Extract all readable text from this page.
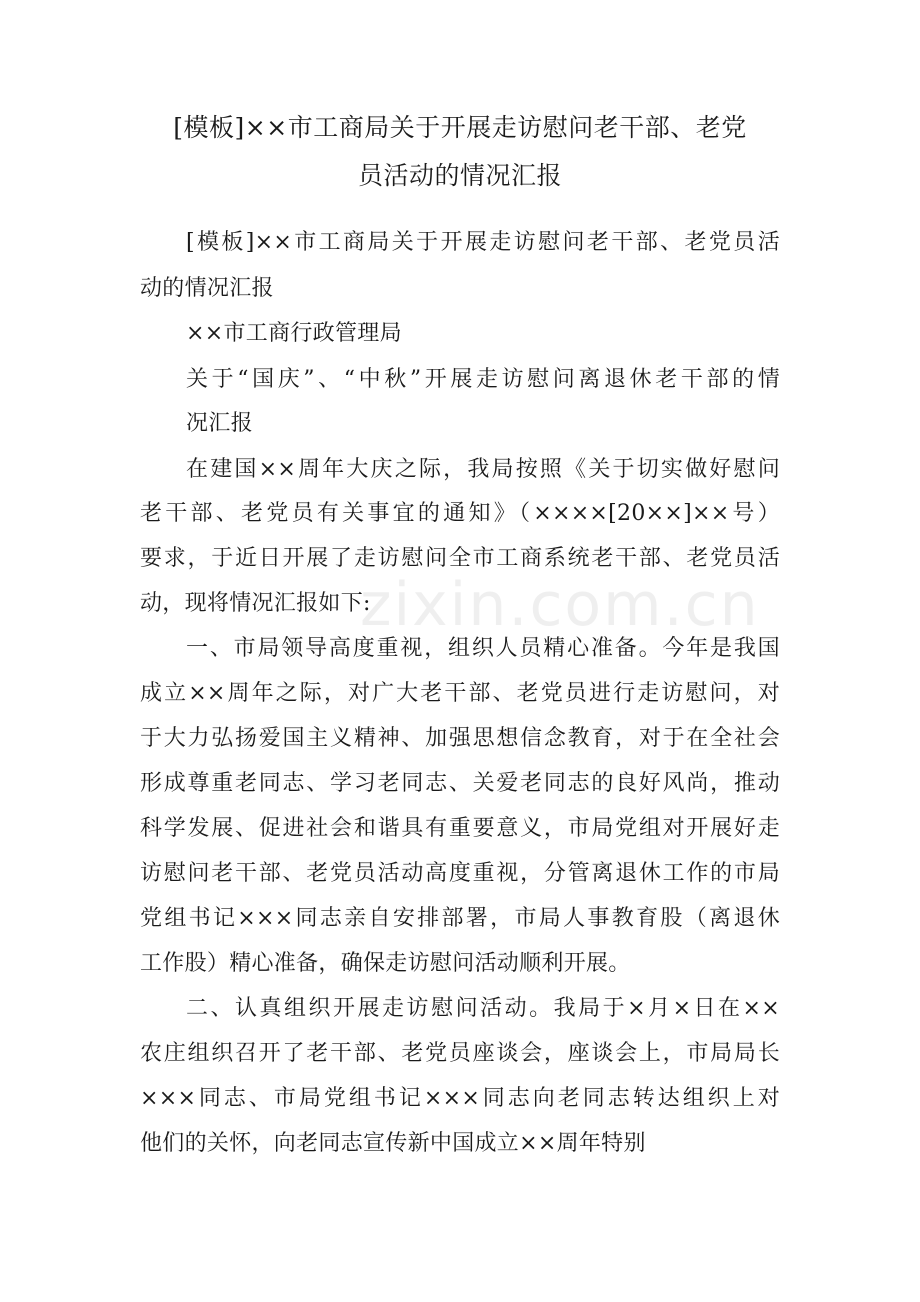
zixin.com.cn
[模板]××市工商局关于开展走访慰问老干部、老党
员活动的情况汇报
[模板]××市工商局关于开展走访慰问老干部、老党员活
动的情况汇报
××市工商行政管理局
关于“国庆”、“中秋”开展走访慰问离退休老干部的情
况汇报
在建国××周年大庆之际，我局按照《关于切实做好慰问
老干部、老党员有关事宜的通知》（××××[20××]××号）
要求，于近日开展了走访慰问全市工商系统老干部、老党员活
动，现将情况汇报如下:
一、市局领导高度重视，组织人员精心准备。今年是我国
成立××周年之际，对广大老干部、老党员进行走访慰问，对
于大力弘扬爱国主义精神、加强思想信念教育，对于在全社会
形成尊重老同志、学习老同志、关爱老同志的良好风尚，推动
科学发展、促进社会和谐具有重要意义，市局党组对开展好走
访慰问老干部、老党员活动高度重视，分管离退休工作的市局
党组书记×××同志亲自安排部署，市局人事教育股（离退休
工作股）精心准备，确保走访慰问活动顺利开展。
二、认真组织开展走访慰问活动。我局于×月×日在××
农庄组织召开了老干部、老党员座谈会，座谈会上，市局局长
×××同志、市局党组书记×××同志向老同志转达组织上对
他们的关怀，向老同志宣传新中国成立××周年特别
